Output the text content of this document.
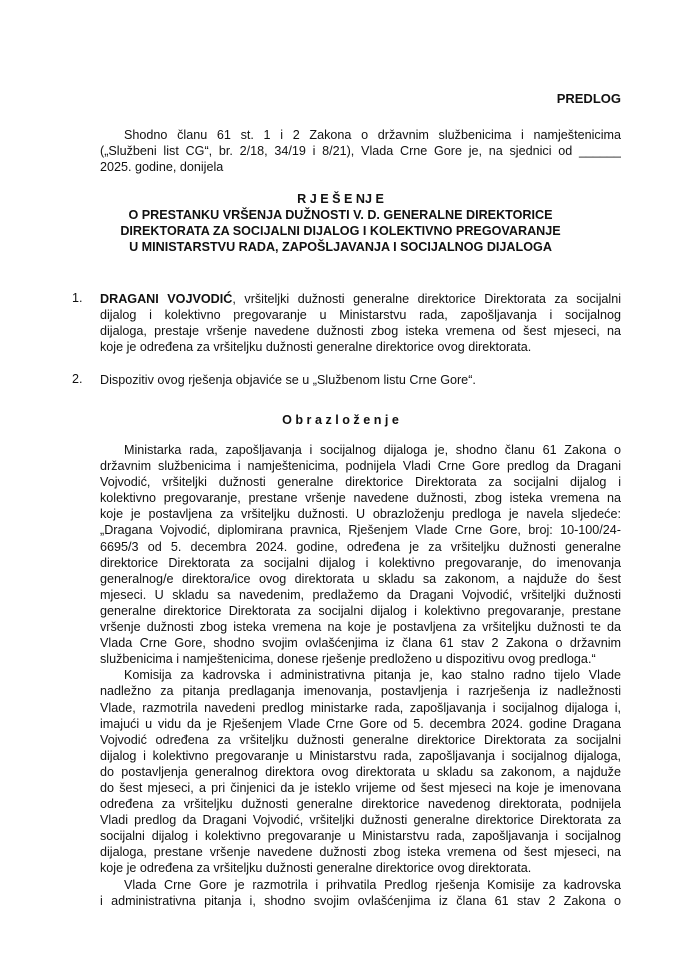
PREDLOG
Shodno članu 61 st. 1 i 2 Zakona o državnim službenicima i namještenicima
(„Službeni list CG“, br. 2/18, 34/19 i 8/21), Vlada Crne Gore je, na sjednici od ______
2025. godine, donijela
R J E Š E NJ E
O PRESTANKU VRŠENJA DUŽNOSTI V. D. GENERALNE DIREKTORICE
DIREKTORATA ZA SOCIJALNI DIJALOG I KOLEKTIVNO PREGOVARANJE
U MINISTARSTVU RADA, ZAPOŠLJAVANJA I SOCIJALNOG DIJALOGA
1. DRAGANI VOJVODIĆ, vršiteljki dužnosti generalne direktorice Direktorata za socijalni
dijalog i kolektivno pregovaranje u Ministarstvu rada, zapošljavanja i socijalnog
dijaloga, prestaje vršenje navedene dužnosti zbog isteka vremena od šest mjeseci, na
koje je određena za vršiteljku dužnosti generalne direktorice ovog direktorata.
2. Dispozitiv ovog rješenja objaviće se u „Službenom listu Crne Gore“.
O b r a z l o ž e n j e
Ministarka rada, zapošljavanja i socijalnog dijaloga je, shodno članu 61 Zakona o
državnim službenicima i namještenicima, podnijela Vladi Crne Gore predlog da Dragani
Vojvodić, vršiteljki dužnosti generalne direktorice Direktorata za socijalni dijalog i
kolektivno pregovaranje, prestane vršenje navedene dužnosti, zbog isteka vremena na
koje je postavljena za vršiteljku dužnosti. U obrazloženju predloga je navela sljedeće:
„Dragana Vojvodić, diplomirana pravnica, Rješenjem Vlade Crne Gore, broj: 10-100/24-
6695/3 od 5. decembra 2024. godine, određena je za vršiteljku dužnosti generalne
direktorice Direktorata za socijalni dijalog i kolektivno pregovaranje, do imenovanja
generalnog/e direktora/ice ovog direktorata u skladu sa zakonom, a najduže do šest
mjeseci. U skladu sa navedenim, predlažemo da Dragani Vojvodić, vršiteljki dužnosti
generalne direktorice Direktorata za socijalni dijalog i kolektivno pregovaranje, prestane
vršenje dužnosti zbog isteka vremena na koje je postavljena za vršiteljku dužnosti te da
Vlada Crne Gore, shodno svojim ovlašćenjima iz člana 61 stav 2 Zakona o državnim
službenicima i namještenicima, donese rješenje predloženo u dispozitivu ovog predloga.“
Komisija za kadrovska i administrativna pitanja je, kao stalno radno tijelo Vlade
nadležno za pitanja predlaganja imenovanja, postavljenja i razrješenja iz nadležnosti
Vlade, razmotrila navedeni predlog ministarke rada, zapošljavanja i socijalnog dijaloga i,
imajući u vidu da je Rješenjem Vlade Crne Gore od 5. decembra 2024. godine Dragana
Vojvodić određena za vršiteljku dužnosti generalne direktorice Direktorata za socijalni
dijalog i kolektivno pregovaranje u Ministarstvu rada, zapošljavanja i socijalnog dijaloga,
do postavljenja generalnog direktora ovog direktorata u skladu sa zakonom, a najduže
do šest mjeseci, a pri činjenici da je isteklo vrijeme od šest mjeseci na koje je imenovana
određena za vršiteljku dužnosti generalne direktorice navedenog direktorata, podnijela
Vladi predlog da Dragani Vojvodić, vršiteljki dužnosti generalne direktorice Direktorata za
socijalni dijalog i kolektivno pregovaranje u Ministarstvu rada, zapošljavanja i socijalnog
dijaloga, prestane vršenje navedene dužnosti zbog isteka vremena od šest mjeseci, na
koje je određena za vršiteljku dužnosti generalne direktorice ovog direktorata.
Vlada Crne Gore je razmotrila i prihvatila Predlog rješenja Komisije za kadrovska
i administrativna pitanja i, shodno svojim ovlašćenjima iz člana 61 stav 2 Zakona o
